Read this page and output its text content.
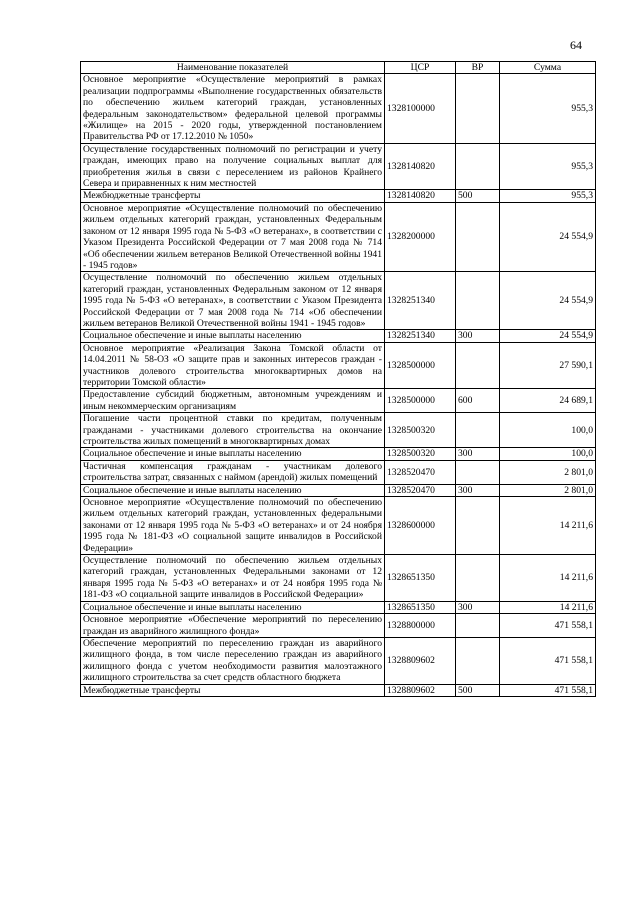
64
Наименование показателей	ЦСР	ВР	Сумма
Основное мероприятие «Осуществление мероприятий в рамках реализации подпрограммы «Выполнение государственных обязательств по обеспечению жильем категорий граждан, установленных федеральным законодательством» федеральной целевой программы «Жилище» на 2015 - 2020 годы, утвержденной постановлением Правительства РФ от 17.12.2010 № 1050»	1328100000		955,3
Осуществление государственных полномочий по регистрации и учету граждан, имеющих право на получение социальных выплат для приобретения жилья в связи с переселением из районов Крайнего Севера и приравненных к ним местностей	1328140820		955,3
Межбюджетные трансферты	1328140820	500	955,3
Основное мероприятие «Осуществление полномочий по обеспечению жильем отдельных категорий граждан, установленных Федеральным законом от 12 января 1995 года № 5-ФЗ «О ветеранах», в соответствии с Указом Президента Российской Федерации от 7 мая 2008 года № 714 «Об обеспечении жильем ветеранов Великой Отечественной войны 1941 - 1945 годов»	1328200000		24 554,9
Осуществление полномочий по обеспечению жильем отдельных категорий граждан, установленных Федеральным законом от 12 января 1995 года № 5-ФЗ «О ветеранах», в соответствии с Указом Президента Российской Федерации от 7 мая 2008 года № 714 «Об обеспечении жильем ветеранов Великой Отечественной войны 1941 - 1945 годов»	1328251340		24 554,9
Социальное обеспечение и иные выплаты населению	1328251340	300	24 554,9
Основное мероприятие «Реализация Закона Томской области от 14.04.2011 № 58-ОЗ «О защите прав и законных интересов граждан - участников долевого строительства многоквартирных домов на территории Томской области»	1328500000		27 590,1
Предоставление субсидий бюджетным, автономным учреждениям и иным некоммерческим организациям	1328500000	600	24 689,1
Погашение части процентной ставки по кредитам, полученным гражданами - участниками долевого строительства на окончание строительства жилых помещений в многоквартирных домах	1328500320		100,0
Социальное обеспечение и иные выплаты населению	1328500320	300	100,0
Частичная компенсация гражданам - участникам долевого строительства затрат, связанных с наймом (арендой) жилых помещений	1328520470		2 801,0
Социальное обеспечение и иные выплаты населению	1328520470	300	2 801,0
Основное мероприятие «Осуществление полномочий по обеспечению жильем отдельных категорий граждан, установленных федеральными законами от 12 января 1995 года № 5-ФЗ «О ветеранах» и от 24 ноября 1995 года № 181-ФЗ «О социальной защите инвалидов в Российской Федерации»	1328600000		14 211,6
Осуществление полномочий по обеспечению жильем отдельных категорий граждан, установленных Федеральными законами от 12 января 1995 года № 5-ФЗ «О ветеранах» и от 24 ноября 1995 года № 181-ФЗ «О социальной защите инвалидов в Российской Федерации»	1328651350		14 211,6
Социальное обеспечение и иные выплаты населению	1328651350	300	14 211,6
Основное мероприятие «Обеспечение мероприятий по переселению граждан из аварийного жилищного фонда»	1328800000		471 558,1
Обеспечение мероприятий по переселению граждан из аварийного жилищного фонда, в том числе переселению граждан из аварийного жилищного фонда с учетом необходимости развития малоэтажного жилищного строительства за счет средств областного бюджета	1328809602		471 558,1
Межбюджетные трансферты	1328809602	500	471 558,1
